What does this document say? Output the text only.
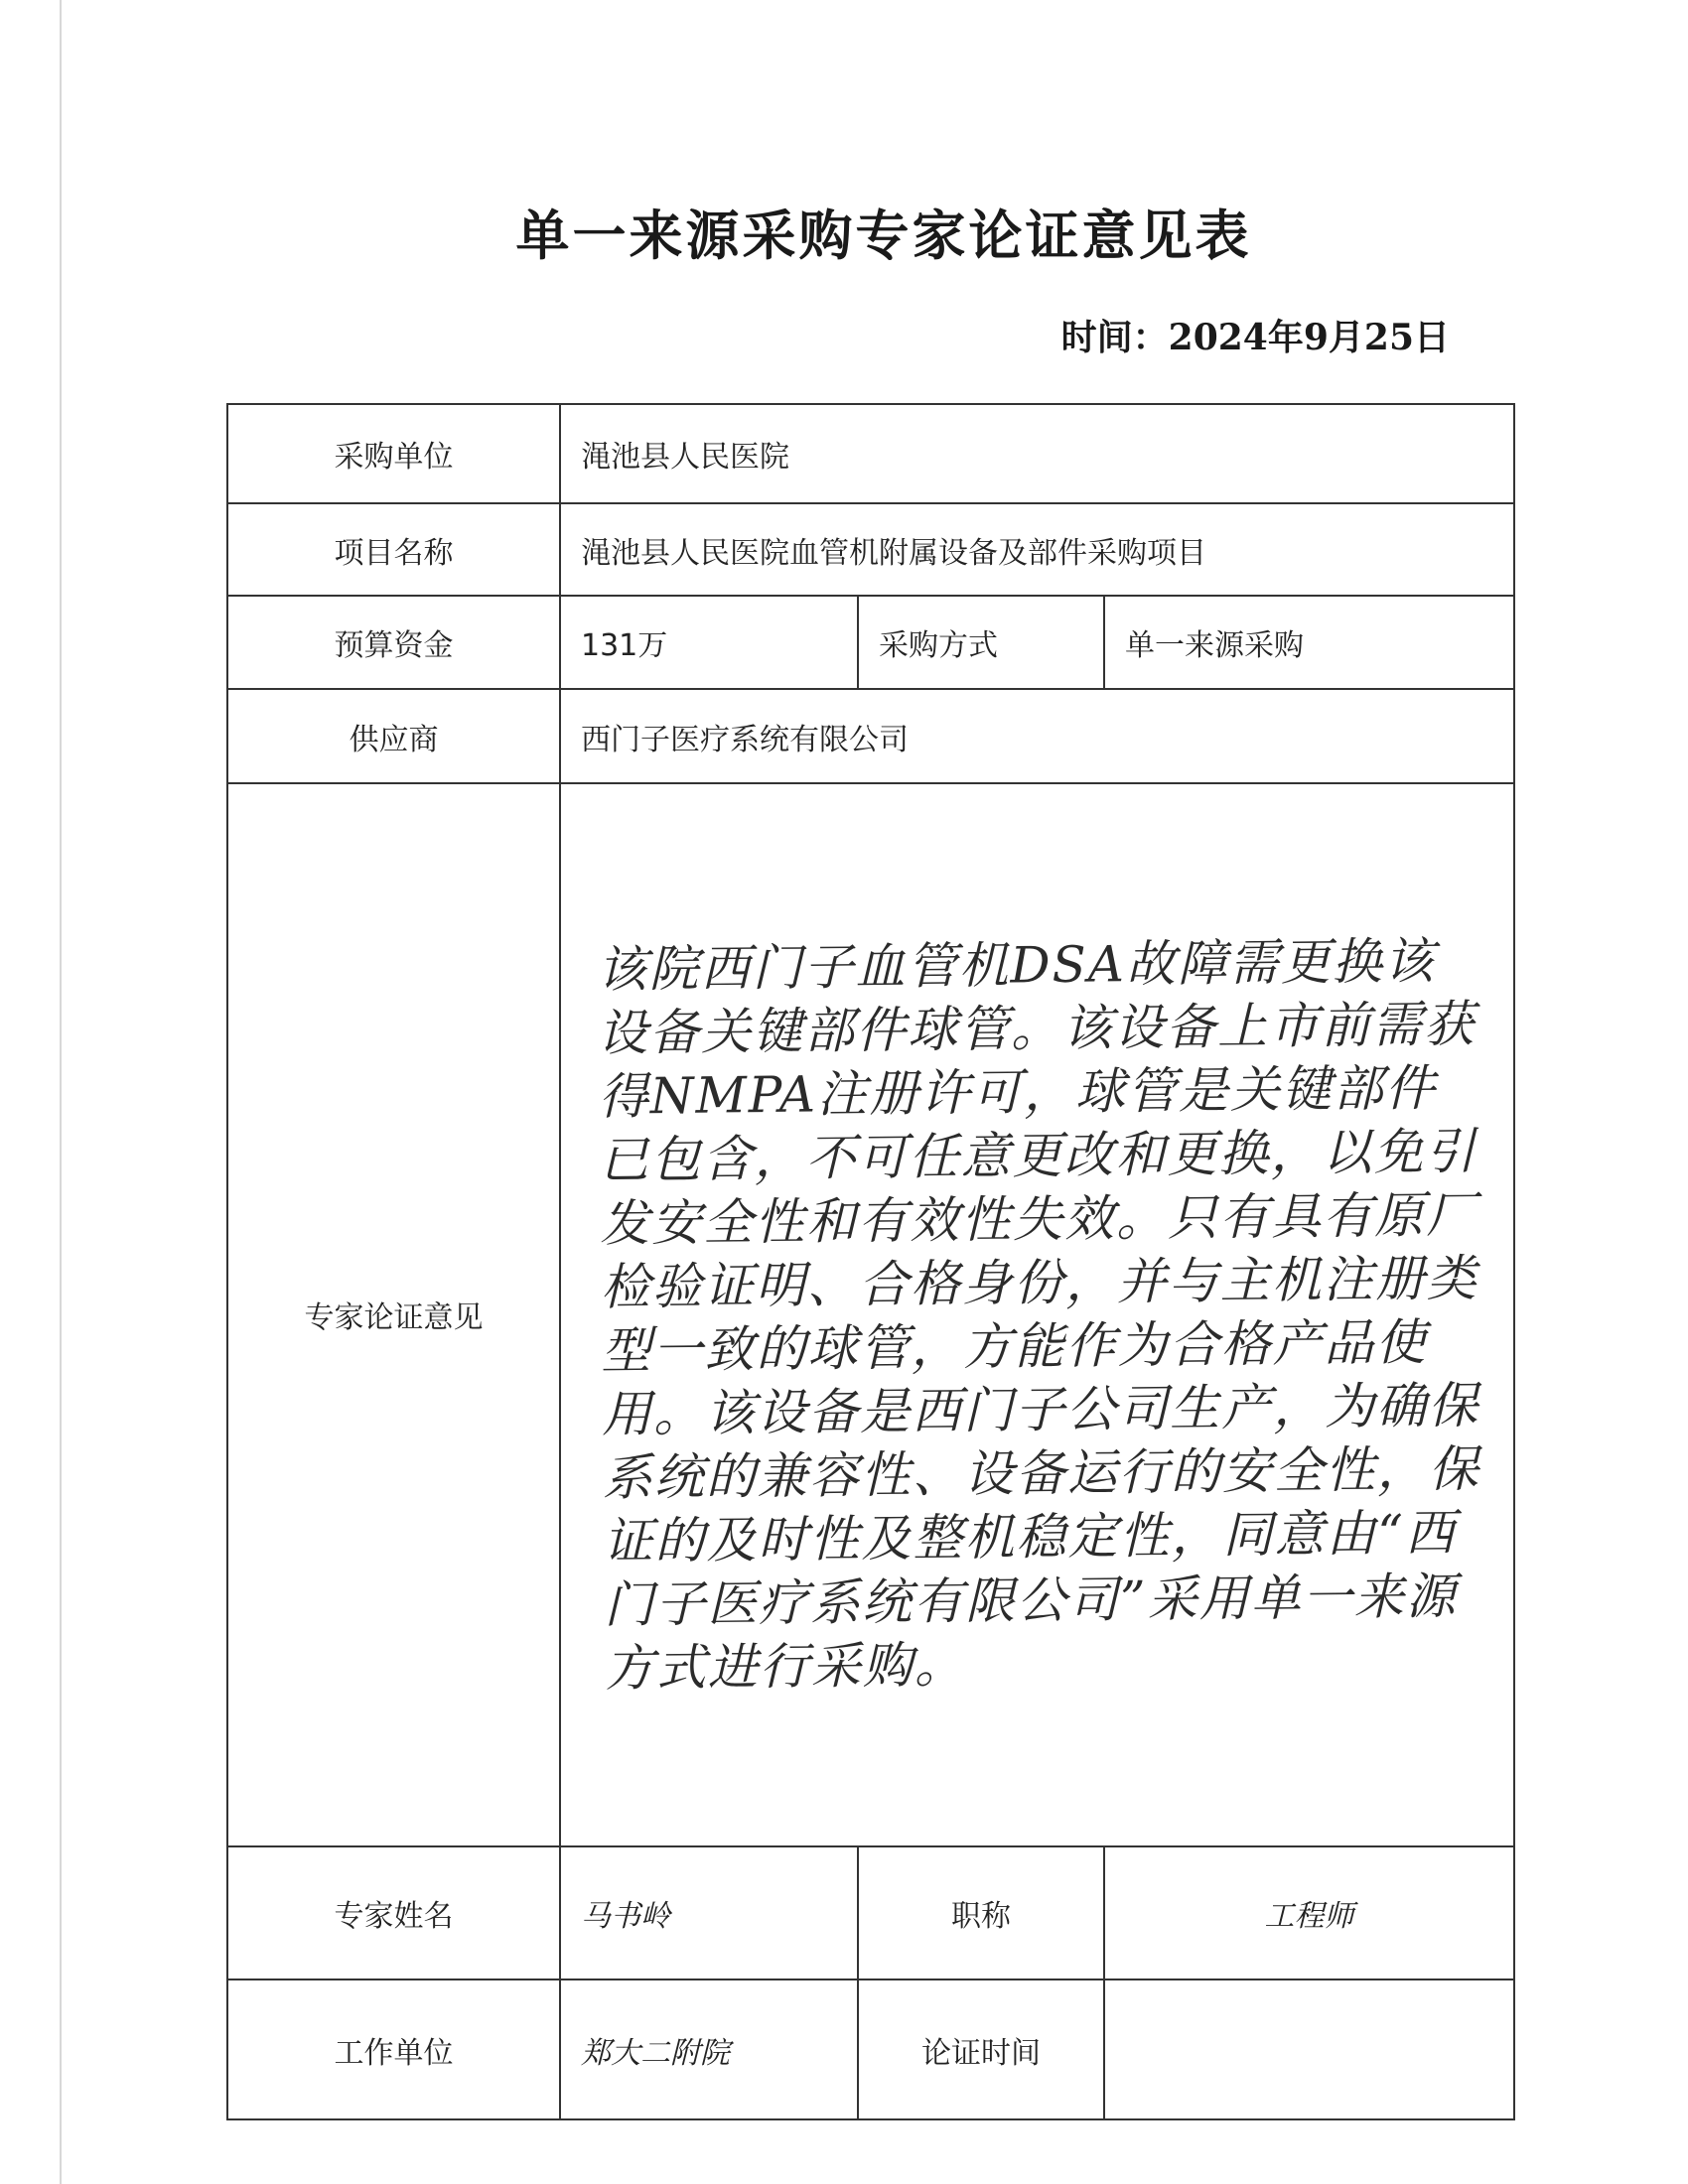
单一来源采购专家论证意见表
时间：2024年9月25日
采购单位	渑池县人民医院		
项目名称	渑池县人民医院血管机附属设备及部件采购项目		
预算资金	131万	采购方式	单一来源采购
供应商	西门子医疗系统有限公司		
专家论证意见	该院西门子血管机DSA故障需更换该设备关键部件球管。该设备上市前需获得NMPA注册许可，球管是关键部件已包含，不可任意更改和更换，以免引发安全性和有效性失效。只有具有原厂检验证明、合格身份，并与主机注册类型一致的球管，方能作为合格产品使用。该设备是西门子公司生产，为确保系统的兼容性、设备运行的安全性，保证的及时性及整机稳定性，同意由“西门子医疗系统有限公司”采用单一来源方式进行采购。		

专家姓名	马书岭	职称	工程师
工作单位	郑大二附院	论证时间	
